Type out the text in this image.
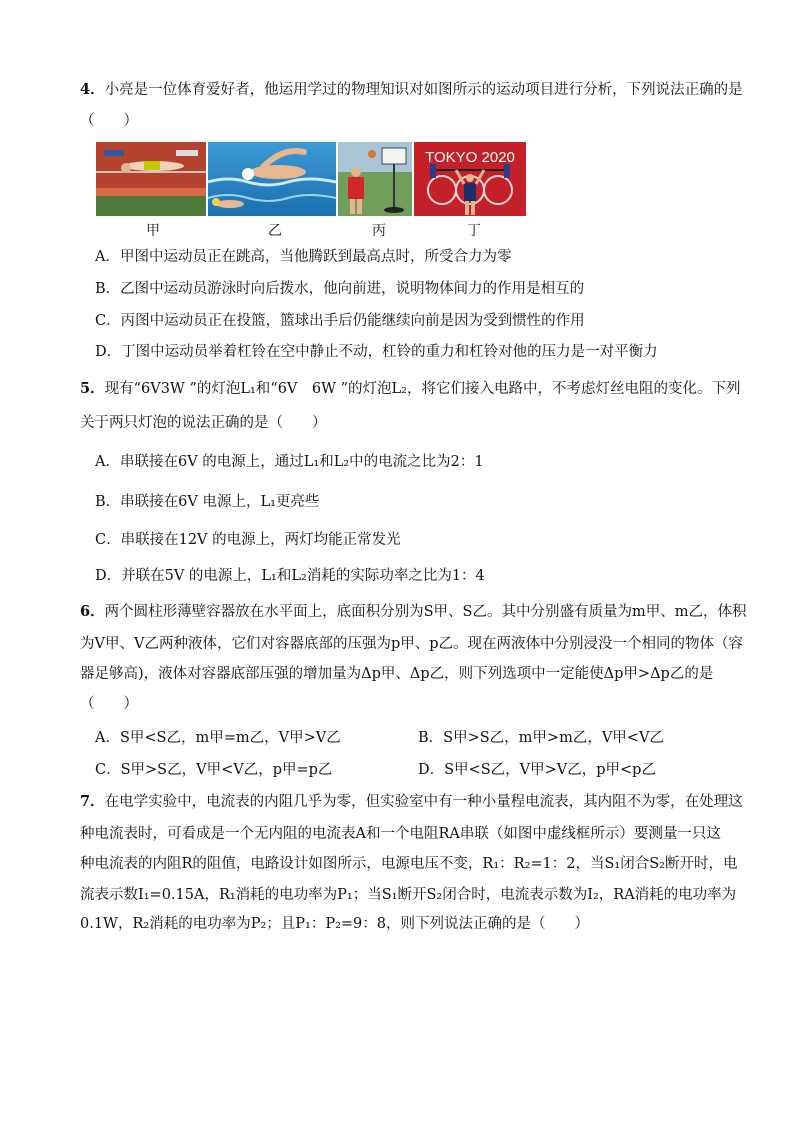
4．小亮是一位体育爱好者，他运用学过的物理知识对如图所示的运动项目进行分析，下列说法正确的是
（　　）
TOKYO 2020
甲	乙	丙	丁
A．甲图中运动员正在跳高，当他腾跃到最高点时，所受合力为零
B．乙图中运动员游泳时向后拨水，他向前进，说明物体间力的作用是相互的
C．丙图中运动员正在投篮，篮球出手后仍能继续向前是因为受到惯性的作用
D．丁图中运动员举着杠铃在空中静止不动，杠铃的重力和杠铃对他的压力是一对平衡力
5．现有“6V3W ”的灯泡L₁和“6V　6W ”的灯泡L₂，将它们接入电路中，不考虑灯丝电阻的变化。下列
关于两只灯泡的说法正确的是（　　）
A．串联接在6V 的电源上，通过L₁和L₂中的电流之比为2：1
B．串联接在6V 电源上，L₁更亮些
C．串联接在12V 的电源上，两灯均能正常发光
D．并联在5V 的电源上，L₁和L₂消耗的实际功率之比为1：4
6．两个圆柱形薄壁容器放在水平面上，底面积分别为S甲、S乙。其中分别盛有质量为m甲、m乙，体积
为V甲、V乙两种液体，它们对容器底部的压强为p甲、p乙。现在两液体中分别浸没一个相同的物体（容
器足够高)，液体对容器底部压强的增加量为Δp甲、Δp乙，则下列选项中一定能使Δp甲>Δp乙的是
（　　）
A．S甲<S乙，m甲=m乙，V甲>V乙	B．S甲>S乙，m甲>m乙，V甲<V乙
C．S甲>S乙，V甲<V乙，p甲=p乙	D．S甲<S乙，V甲>V乙，p甲<p乙
7．在电学实验中，电流表的内阻几乎为零，但实验室中有一种小量程电流表，其内阻不为零，在处理这
种电流表时，可看成是一个无内阻的电流表A和一个电阻RA串联（如图中虚线框所示）要测量一只这
种电流表的内阻R的阻值，电路设计如图所示，电源电压不变，R₁：R₂=1：2，当S₁闭合S₂断开时，电
流表示数I₁=0.15A，R₁消耗的电功率为P₁；当S₁断开S₂闭合时，电流表示数为I₂，RA消耗的电功率为
0.1W，R₂消耗的电功率为P₂；且P₁：P₂=9：8，则下列说法正确的是（　　）
